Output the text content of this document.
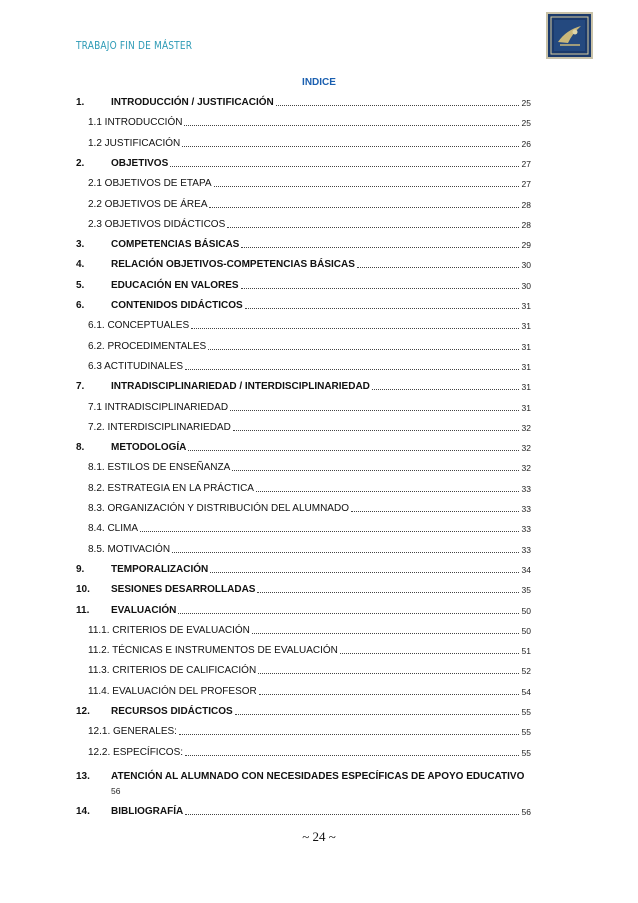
TRABAJO FIN DE MÁSTER
INDICE
1.	INTRODUCCIÓN / JUSTIFICACIÓN	25
1.1 INTRODUCCIÓN	25
1.2 JUSTIFICACIÓN	26
2.	OBJETIVOS	27
2.1 OBJETIVOS DE ETAPA	27
2.2 OBJETIVOS DE ÁREA	28
2.3 OBJETIVOS DIDÁCTICOS	28
3.	COMPETENCIAS BÁSICAS	29
4.	RELACIÓN OBJETIVOS-COMPETENCIAS BÁSICAS	30
5.	EDUCACIÓN EN VALORES	30
6.	CONTENIDOS DIDÁCTICOS	31
6.1. CONCEPTUALES	31
6.2. PROCEDIMENTALES	31
6.3 ACTITUDINALES	31
7.	INTRADISCIPLINARIEDAD / INTERDISCIPLINARIEDAD	31
7.1 INTRADISCIPLINARIEDAD	31
7.2. INTERDISCIPLINARIEDAD	32
8.	METODOLOGÍA	32
8.1. ESTILOS DE ENSEÑANZA	32
8.2. ESTRATEGIA EN LA PRÁCTICA	33
8.3. ORGANIZACIÓN Y DISTRIBUCIÓN DEL ALUMNADO	33
8.4. CLIMA	33
8.5. MOTIVACIÓN	33
9.	TEMPORALIZACIÓN	34
10.	SESIONES DESARROLLADAS	35
11.	EVALUACIÓN	50
11.1. CRITERIOS DE EVALUACIÓN	50
11.2. TÉCNICAS E INSTRUMENTOS DE EVALUACIÓN	51
11.3. CRITERIOS DE CALIFICACIÓN	52
11.4. EVALUACIÓN DEL PROFESOR	54
12.	RECURSOS DIDÁCTICOS	55
12.1. GENERALES:	55
12.2. ESPECÍFICOS:	55
13. ATENCIÓN AL ALUMNADO CON NECESIDADES ESPECÍFICAS DE APOYO EDUCATIVO
56
14.	BIBLIOGRAFÍA	56
~ 24 ~
